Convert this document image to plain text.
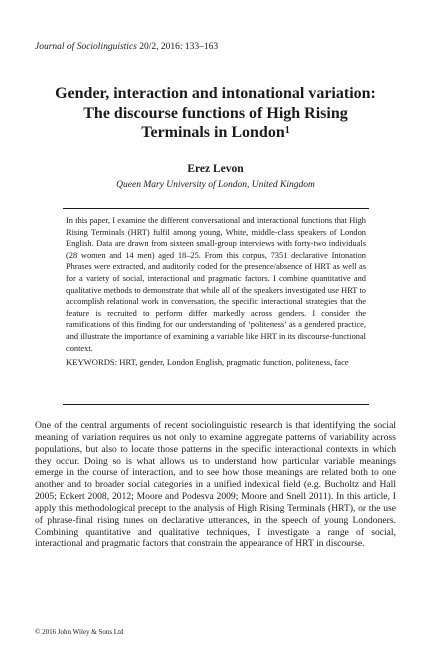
Journal of Sociolinguistics 20/2, 2016: 133–163
Gender, interaction and intonational variation: The discourse functions of High Rising Terminals in London$^1$
Erez Levon
Queen Mary University of London, United Kingdom
In this paper, I examine the different conversational and interactional functions that High Rising Terminals (HRT) fulfil among young, White, middle-class speakers of London English. Data are drawn from sixteen small-group interviews with forty-two individuals (28 women and 14 men) aged 18–25. From this corpus, 7351 declarative Intonation Phrases were extracted, and auditorily coded for the presence/absence of HRT as well as for a variety of social, interactional and pragmatic factors. I combine quantitative and qualitative methods to demonstrate that while all of the speakers investigated use HRT to accomplish relational work in conversation, the specific interactional strategies that the feature is recruited to perform differ markedly across genders. I consider the ramifications of this finding for our understanding of ‘politeness’ as a gendered practice, and illustrate the importance of examining a variable like HRT in its discourse-functional context.
KEYWORDS: HRT, gender, London English, pragmatic function, politeness, face
One of the central arguments of recent sociolinguistic research is that identifying the social meaning of variation requires us not only to examine aggregate patterns of variability across populations, but also to locate those patterns in the specific interactional contexts in which they occur. Doing so is what allows us to understand how particular variable meanings emerge in the course of interaction, and to see how those meanings are related both to one another and to broader social categories in a unified indexical field (e.g. Bucholtz and Hall 2005; Eckert 2008, 2012; Moore and Podesva 2009; Moore and Snell 2011). In this article, I apply this methodological precept to the analysis of High Rising Terminals (HRT), or the use of phrase-final rising tunes on declarative utterances, in the speech of young Londoners. Combining quantitative and qualitative techniques, I investigate a range of social, interactional and pragmatic factors that constrain the appearance of HRT in discourse.
© 2016 John Wiley & Sons Ltd
